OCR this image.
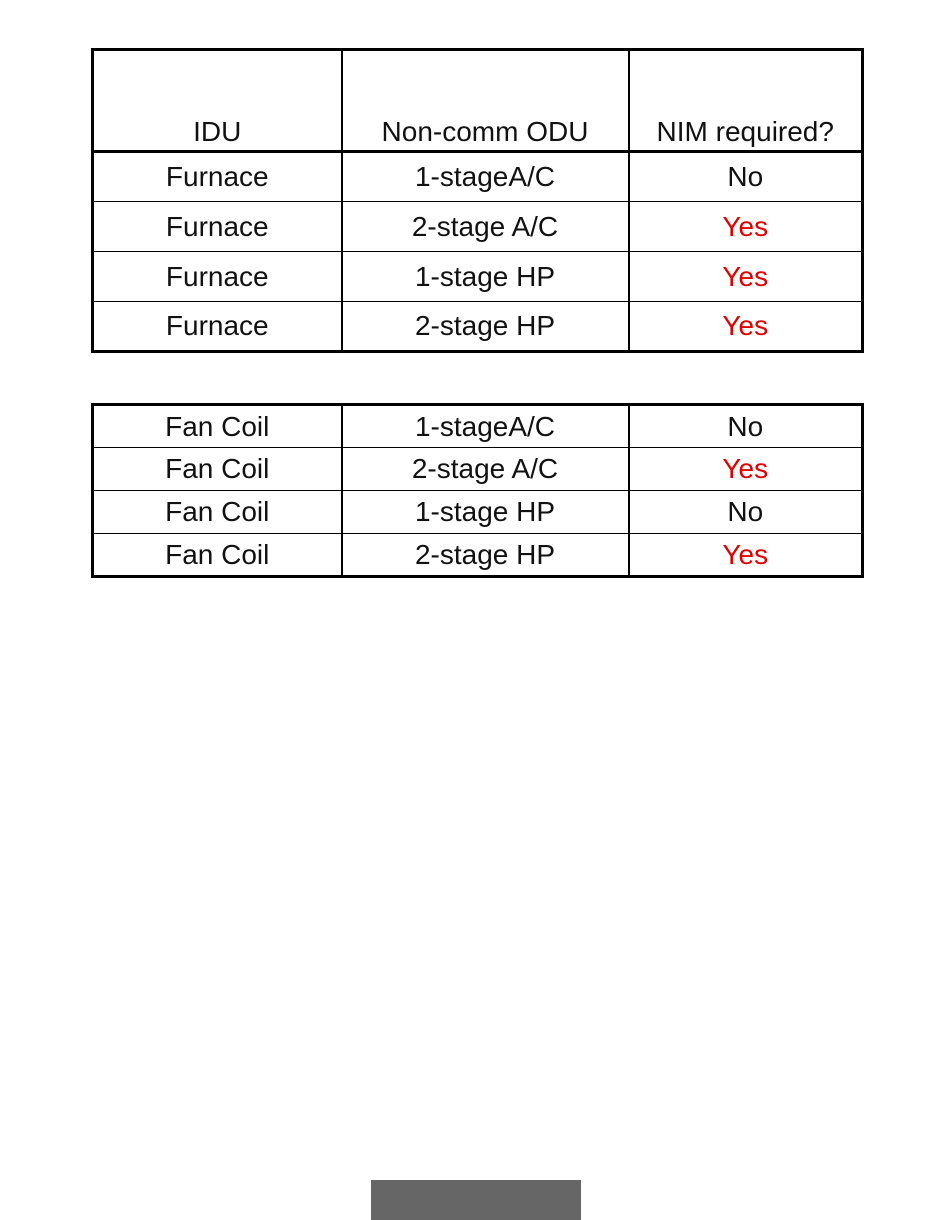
IDU	Non-comm ODU	NIM required?
Furnace	1-stageA/C	No
Furnace	2-stage A/C	Yes
Furnace	1-stage HP	Yes
Furnace	2-stage HP	Yes
Fan Coil	1-stageA/C	No
Fan Coil	2-stage A/C	Yes
Fan Coil	1-stage HP	No
Fan Coil	2-stage HP	Yes
